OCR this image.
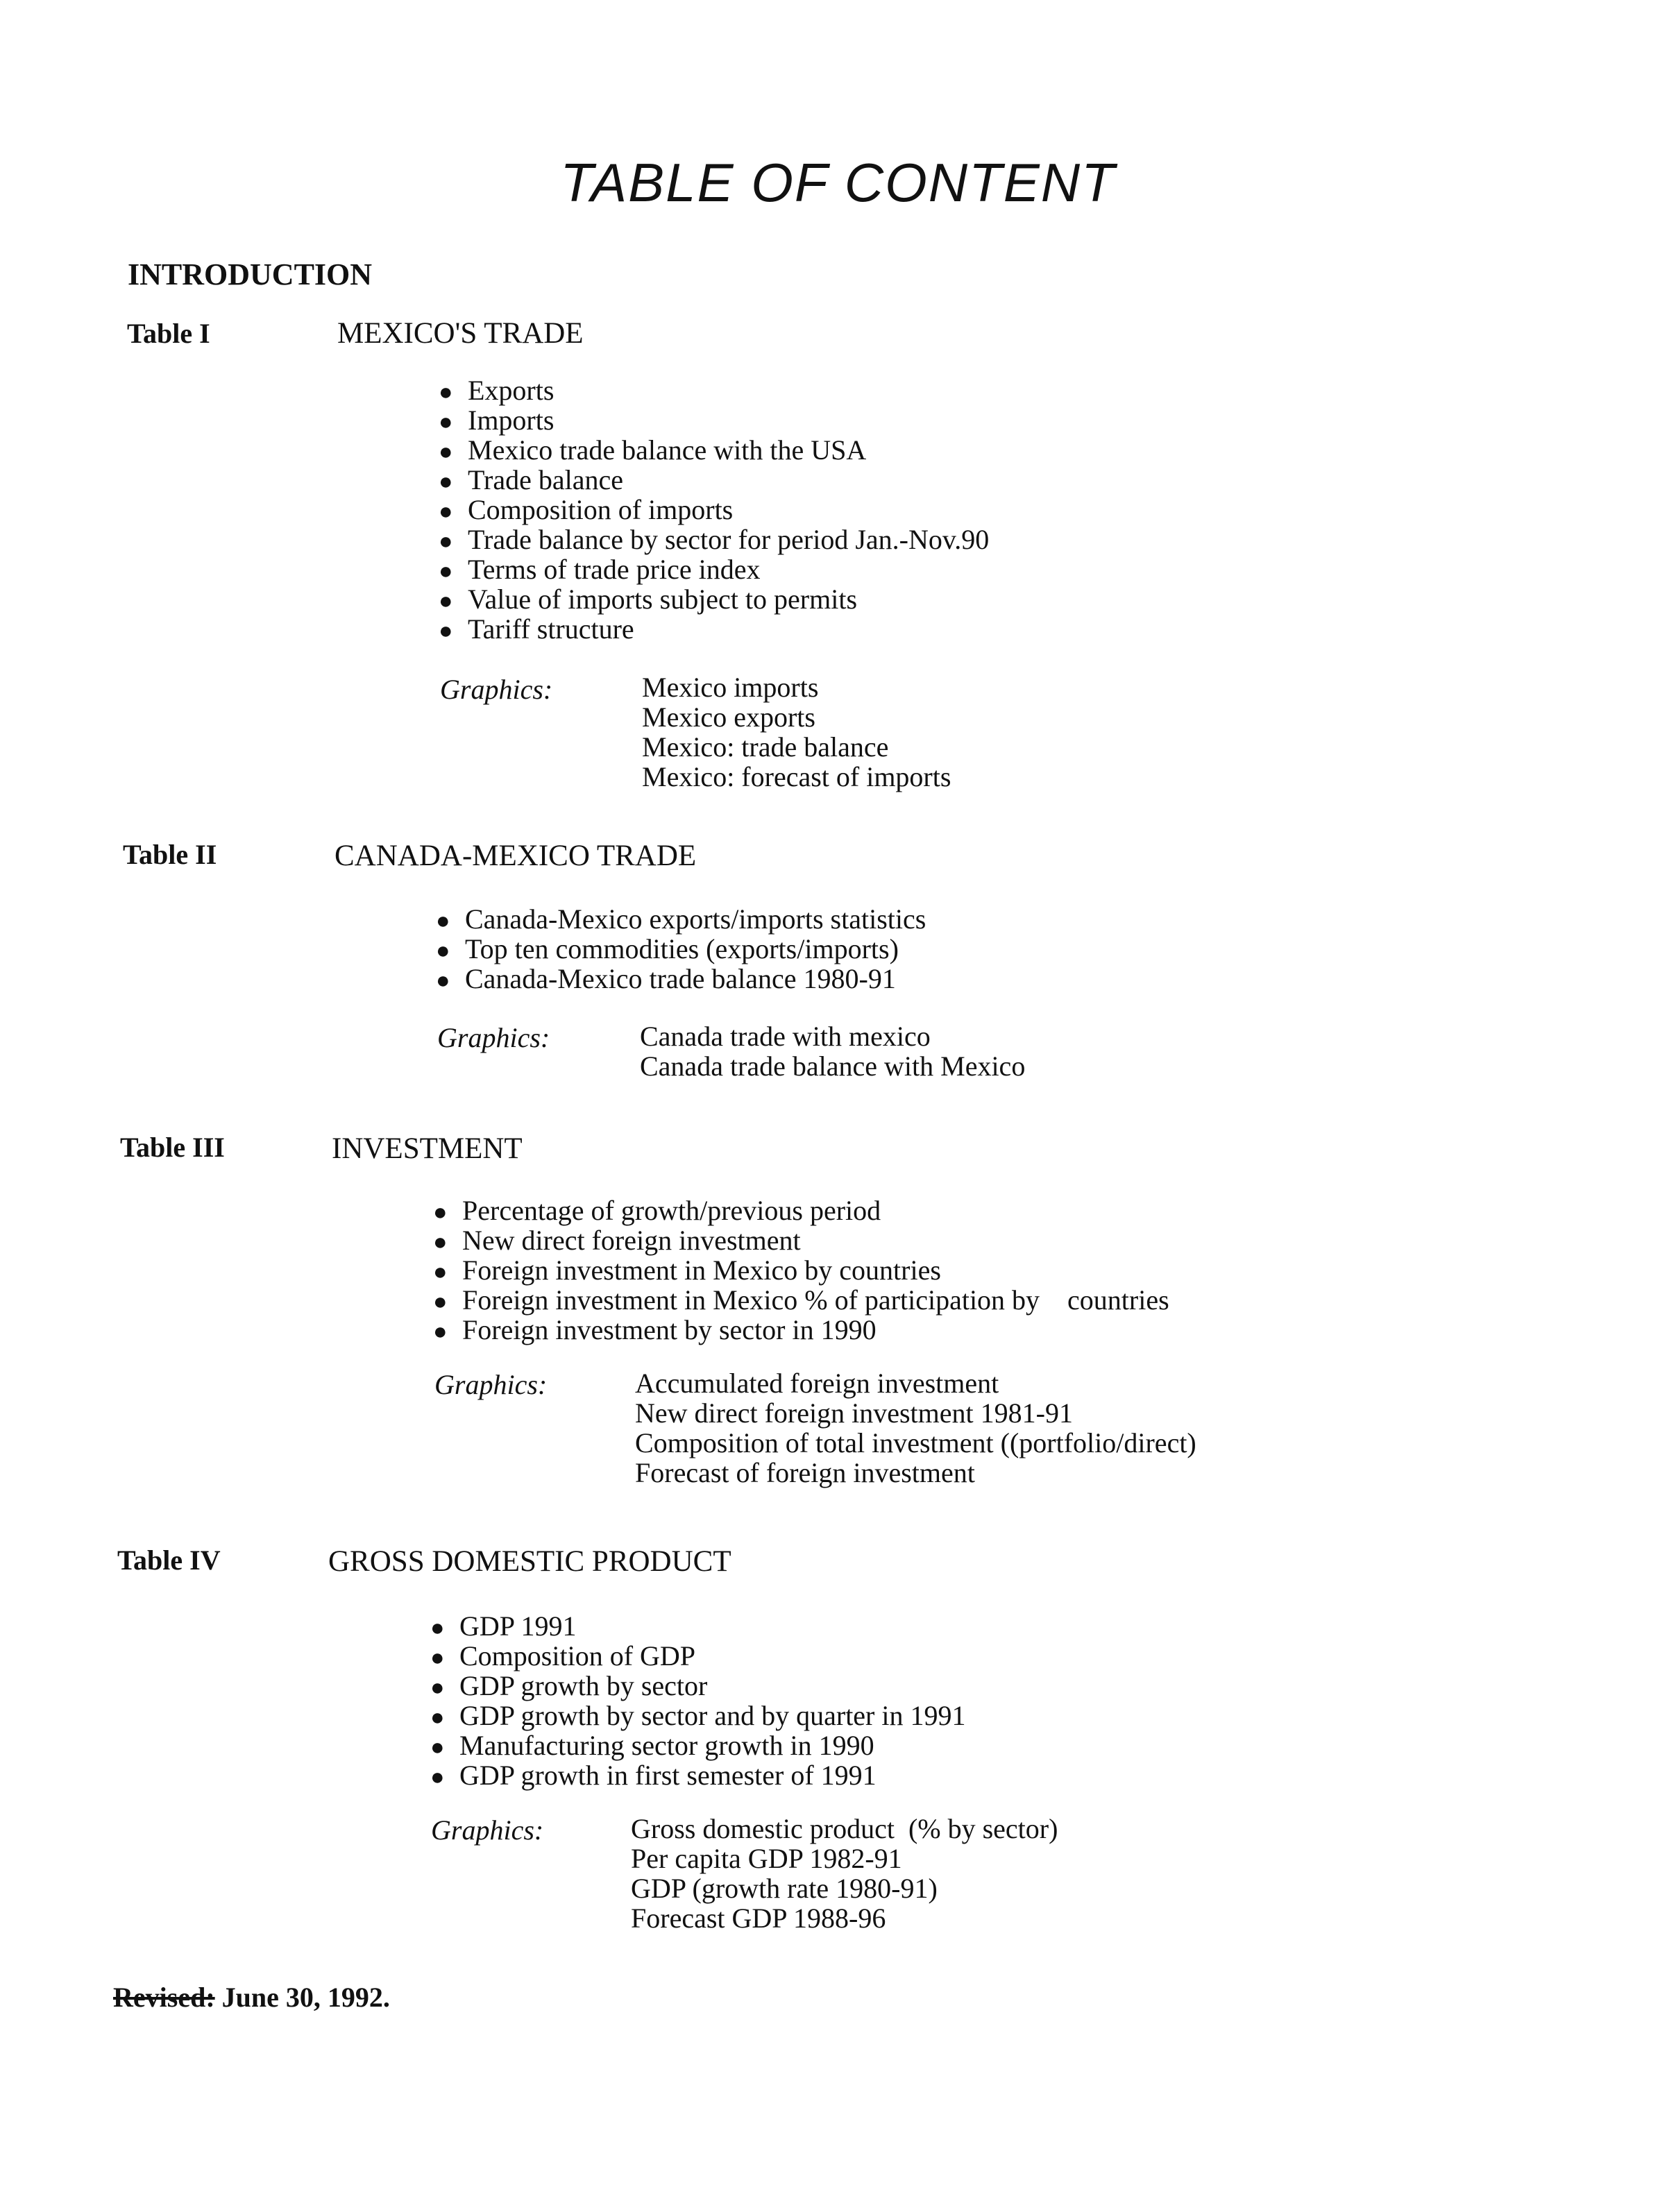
TABLE OF CONTENT
INTRODUCTION
Table I	MEXICO'S TRADE
● Exports
● Imports
● Mexico trade balance with the USA
● Trade balance
● Composition of imports
● Trade balance by sector for period Jan.-Nov.90
● Terms of trade price index
● Value of imports subject to permits
● Tariff structure
Graphics:	Mexico imports
Mexico exports
Mexico: trade balance
Mexico: forecast of imports
Table II	CANADA-MEXICO TRADE
● Canada-Mexico exports/imports statistics
● Top ten commodities (exports/imports)
● Canada-Mexico trade balance 1980-91
Graphics:	Canada trade with mexico
Canada trade balance with Mexico
Table III	INVESTMENT
● Percentage of growth/previous period
● New direct foreign investment
● Foreign investment in Mexico by countries
● Foreign investment in Mexico % of participation by    countries
● Foreign investment by sector in 1990
Graphics:	Accumulated foreign investment
New direct foreign investment 1981-91
Composition of total investment ((portfolio/direct)
Forecast of foreign investment
Table IV	GROSS DOMESTIC PRODUCT
● GDP 1991
● Composition of GDP
● GDP growth by sector
● GDP growth by sector and by quarter in 1991
● Manufacturing sector growth in 1990
● GDP growth in first semester of 1991
Graphics:	Gross domestic product  (% by sector)
Per capita GDP 1982-91
GDP (growth rate 1980-91)
Forecast GDP 1988-96
Revised: June 30, 1992.
